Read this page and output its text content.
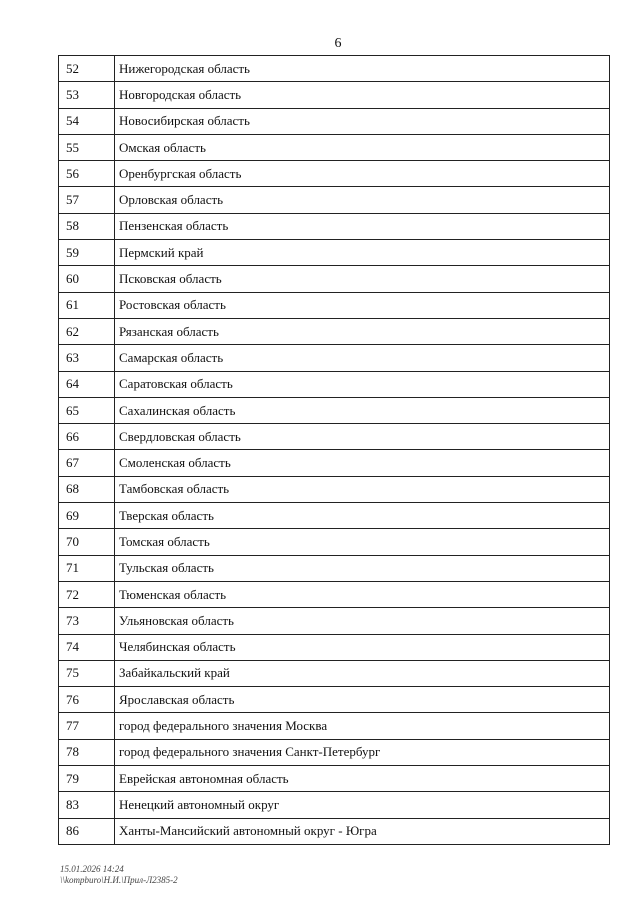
6
52	Нижегородская область
53	Новгородская область
54	Новосибирская область
55	Омская область
56	Оренбургская область
57	Орловская область
58	Пензенская область
59	Пермский край
60	Псковская область
61	Ростовская область
62	Рязанская область
63	Самарская область
64	Саратовская область
65	Сахалинская область
66	Свердловская область
67	Смоленская область
68	Тамбовская область
69	Тверская область
70	Томская область
71	Тульская область
72	Тюменская область
73	Ульяновская область
74	Челябинская область
75	Забайкальский край
76	Ярославская область
77	город федерального значения Москва
78	город федерального значения Санкт-Петербург
79	Еврейская автономная область
83	Ненецкий автономный округ
86	Ханты-Мансийский автономный округ - Югра
15.01.2026 14:24
\\kompburo\Н.И.\Прил-Л2385-2
